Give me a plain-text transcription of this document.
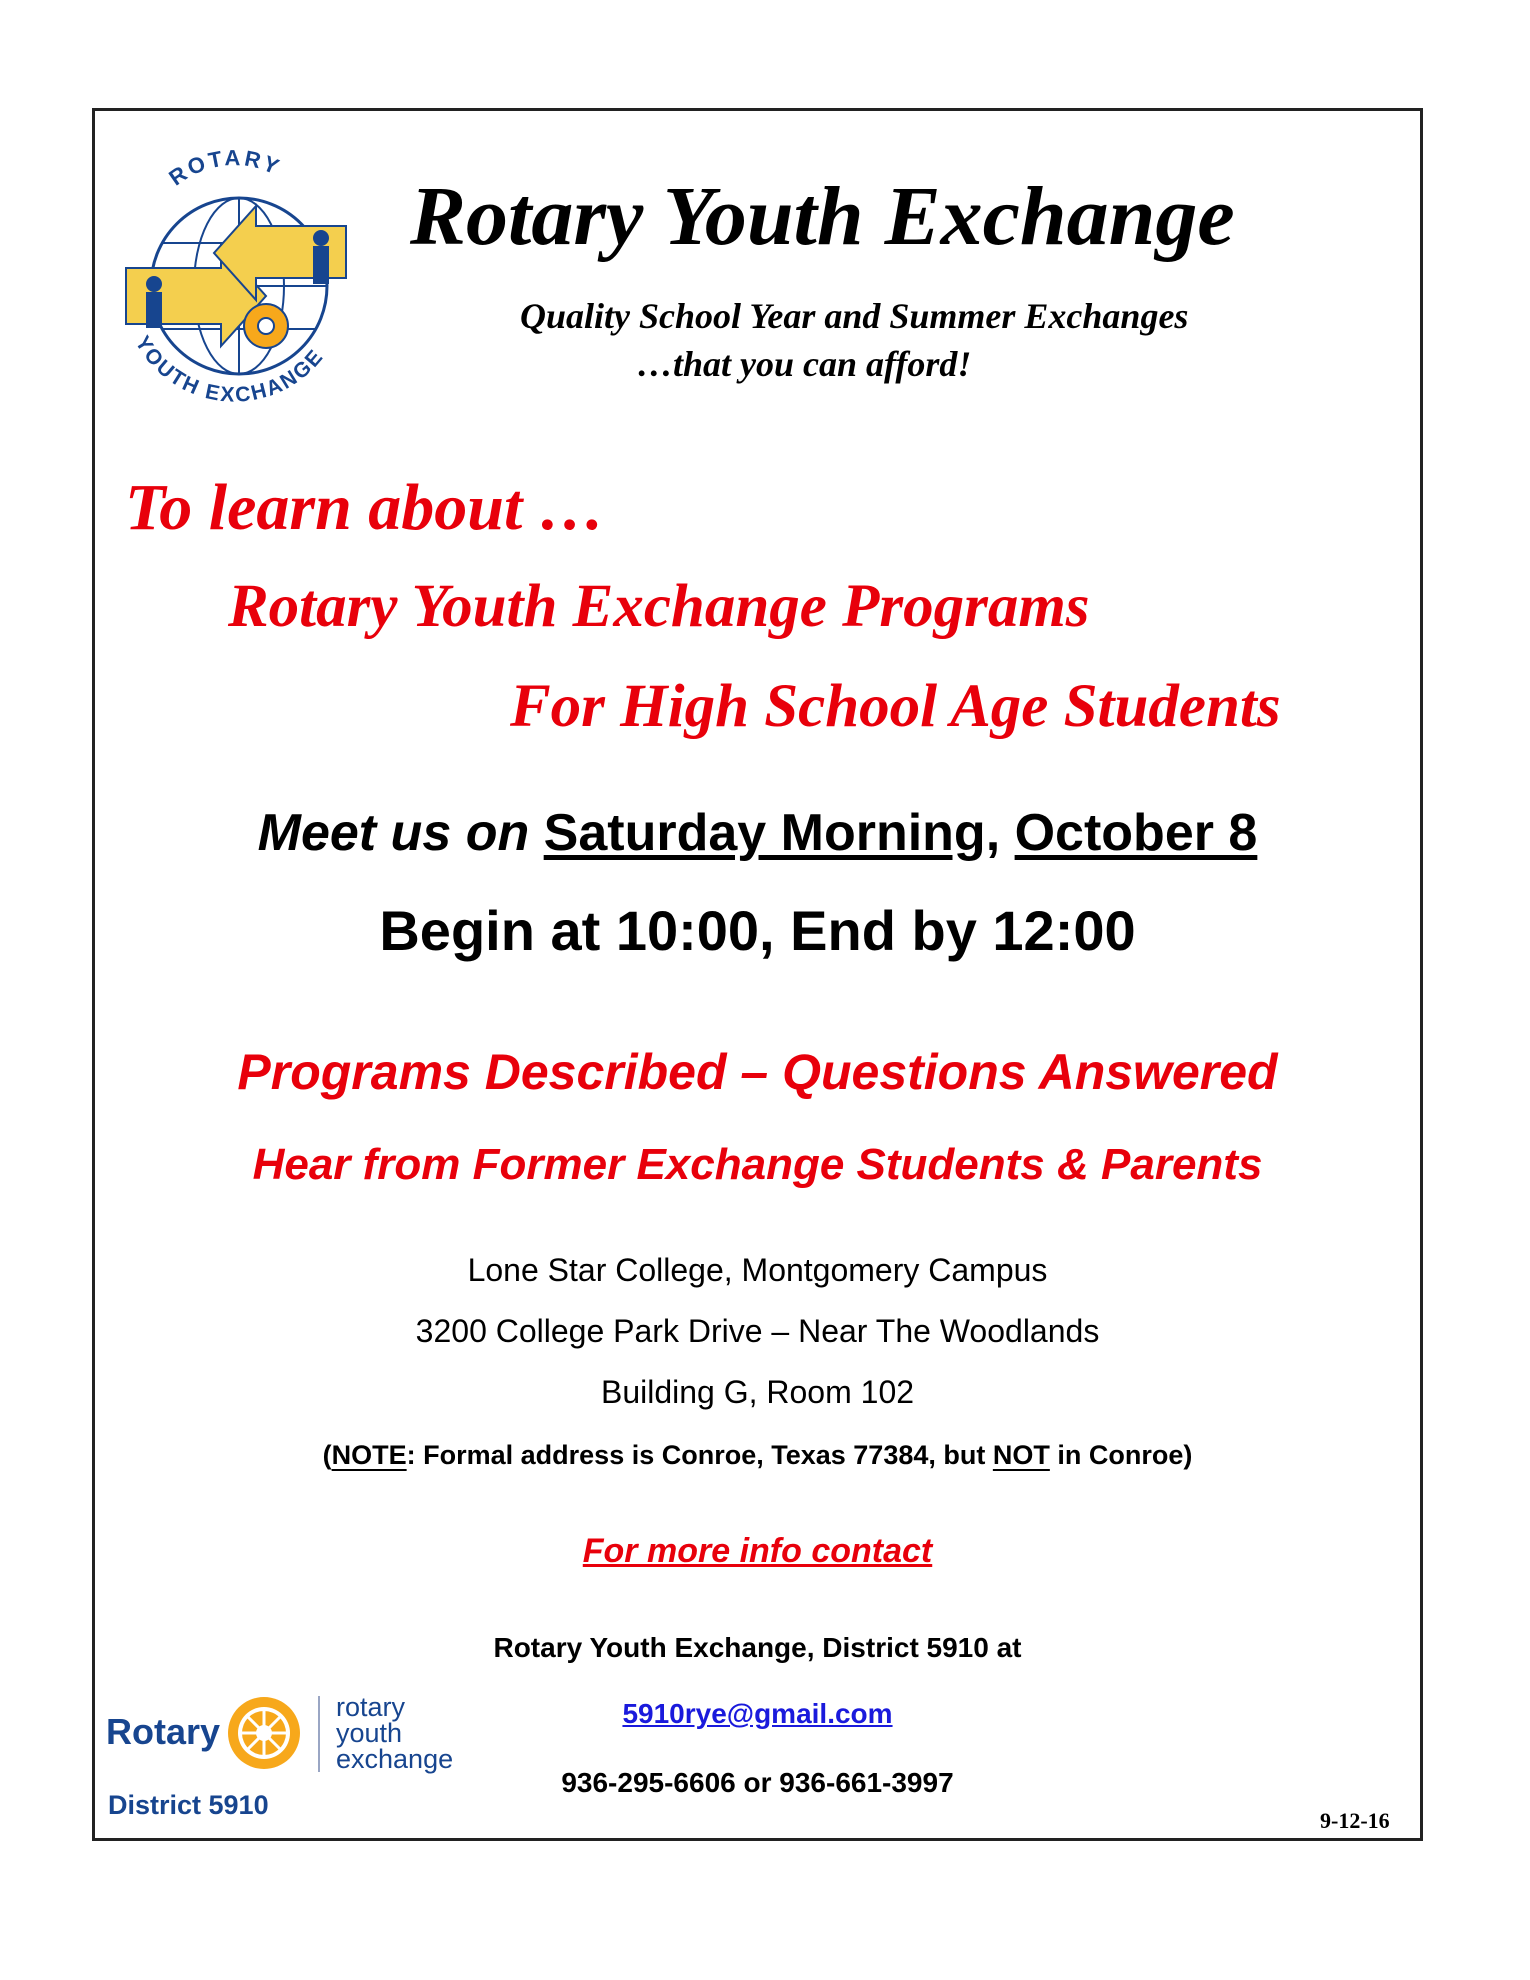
ROTARY
YOUTH EXCHANGE
Rotary Youth Exchange
Quality School Year and Summer Exchanges
…that you can afford!
To learn about …
Rotary Youth Exchange Programs
For High School Age Students
Meet us on Saturday Morning, October 8
Begin at 10:00, End by 12:00
Programs Described – Questions Answered
Hear from Former Exchange Students & Parents
Lone Star College, Montgomery Campus
3200 College Park Drive – Near The Woodlands
Building G, Room 102
(NOTE: Formal address is Conroe, Texas 77384, but NOT in Conroe)
For more info contact
Rotary Youth Exchange, District 5910 at
5910rye@gmail.com
936-295-6606 or 936-661-3997
Rotary
rotary
youth
exchange
District 5910
9-12-16
